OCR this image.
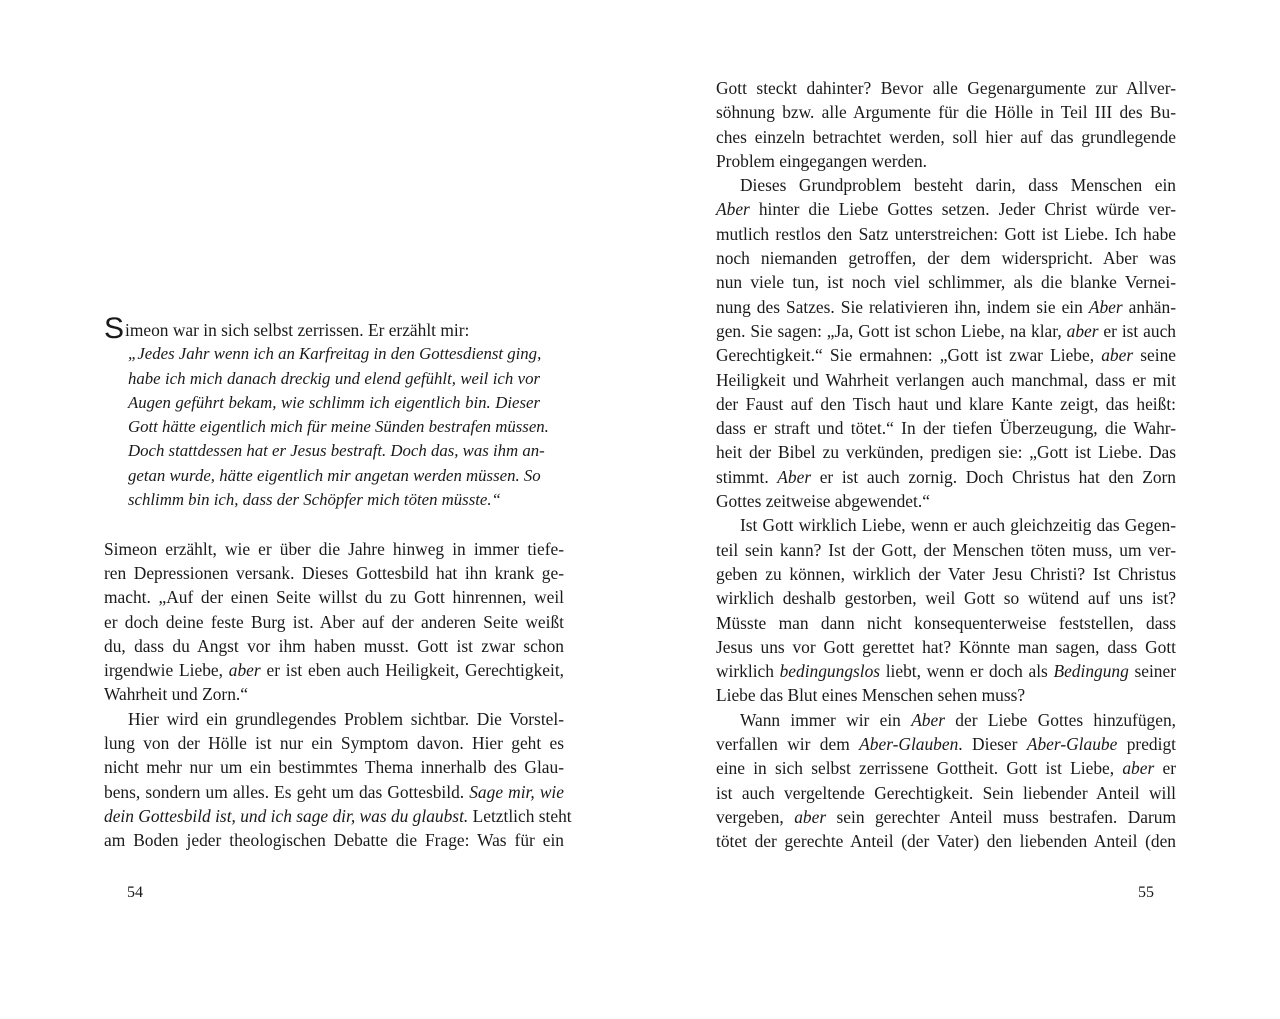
Simeon war in sich selbst zerrissen. Er erzählt mir:
„Jedes Jahr wenn ich an Karfreitag in den Gottesdienst ging,
habe ich mich danach dreckig und elend gefühlt, weil ich vor
Augen geführt bekam, wie schlimm ich eigentlich bin. Dieser
Gott hätte eigentlich mich für meine Sünden bestrafen müssen.
Doch stattdessen hat er Jesus bestraft. Doch das, was ihm an-
getan wurde, hätte eigentlich mir angetan werden müssen. So
schlimm bin ich, dass der Schöpfer mich töten müsste.“
Simeon erzählt, wie er über die Jahre hinweg in immer tiefe-
ren Depressionen versank. Dieses Gottesbild hat ihn krank ge-
macht. „Auf der einen Seite willst du zu Gott hinrennen, weil
er doch deine feste Burg ist. Aber auf der anderen Seite weißt
du, dass du Angst vor ihm haben musst. Gott ist zwar schon
irgendwie Liebe, aber er ist eben auch Heiligkeit, Gerechtigkeit,
Wahrheit und Zorn.“
Hier wird ein grundlegendes Problem sichtbar. Die Vorstel-
lung von der Hölle ist nur ein Symptom davon. Hier geht es
nicht mehr nur um ein bestimmtes Thema innerhalb des Glau-
bens, sondern um alles. Es geht um das Gottesbild. Sage mir, wie
dein Gottesbild ist, und ich sage dir, was du glaubst. Letztlich steht
am Boden jeder theologischen Debatte die Frage: Was für ein
54
Gott steckt dahinter? Bevor alle Gegenargumente zur Allver-
söhnung bzw. alle Argumente für die Hölle in Teil III des Bu-
ches einzeln betrachtet werden, soll hier auf das grundlegende
Problem eingegangen werden.
Dieses Grundproblem besteht darin, dass Menschen ein
Aber hinter die Liebe Gottes setzen. Jeder Christ würde ver-
mutlich restlos den Satz unterstreichen: Gott ist Liebe. Ich habe
noch niemanden getroffen, der dem widerspricht. Aber was
nun viele tun, ist noch viel schlimmer, als die blanke Vernei-
nung des Satzes. Sie relativieren ihn, indem sie ein Aber anhän-
gen. Sie sagen: „Ja, Gott ist schon Liebe, na klar, aber er ist auch
Gerechtigkeit.“ Sie ermahnen: „Gott ist zwar Liebe, aber seine
Heiligkeit und Wahrheit verlangen auch manchmal, dass er mit
der Faust auf den Tisch haut und klare Kante zeigt, das heißt:
dass er straft und tötet.“ In der tiefen Überzeugung, die Wahr-
heit der Bibel zu verkünden, predigen sie: „Gott ist Liebe. Das
stimmt. Aber er ist auch zornig. Doch Christus hat den Zorn
Gottes zeitweise abgewendet.“
Ist Gott wirklich Liebe, wenn er auch gleichzeitig das Gegen-
teil sein kann? Ist der Gott, der Menschen töten muss, um ver-
geben zu können, wirklich der Vater Jesu Christi? Ist Christus
wirklich deshalb gestorben, weil Gott so wütend auf uns ist?
Müsste man dann nicht konsequenterweise feststellen, dass
Jesus uns vor Gott gerettet hat? Könnte man sagen, dass Gott
wirklich bedingungslos liebt, wenn er doch als Bedingung seiner
Liebe das Blut eines Menschen sehen muss?
Wann immer wir ein Aber der Liebe Gottes hinzufügen,
verfallen wir dem Aber-Glauben. Dieser Aber-Glaube predigt
eine in sich selbst zerrissene Gottheit. Gott ist Liebe, aber er
ist auch vergeltende Gerechtigkeit. Sein liebender Anteil will
vergeben, aber sein gerechter Anteil muss bestrafen. Darum
tötet der gerechte Anteil (der Vater) den liebenden Anteil (den
55
